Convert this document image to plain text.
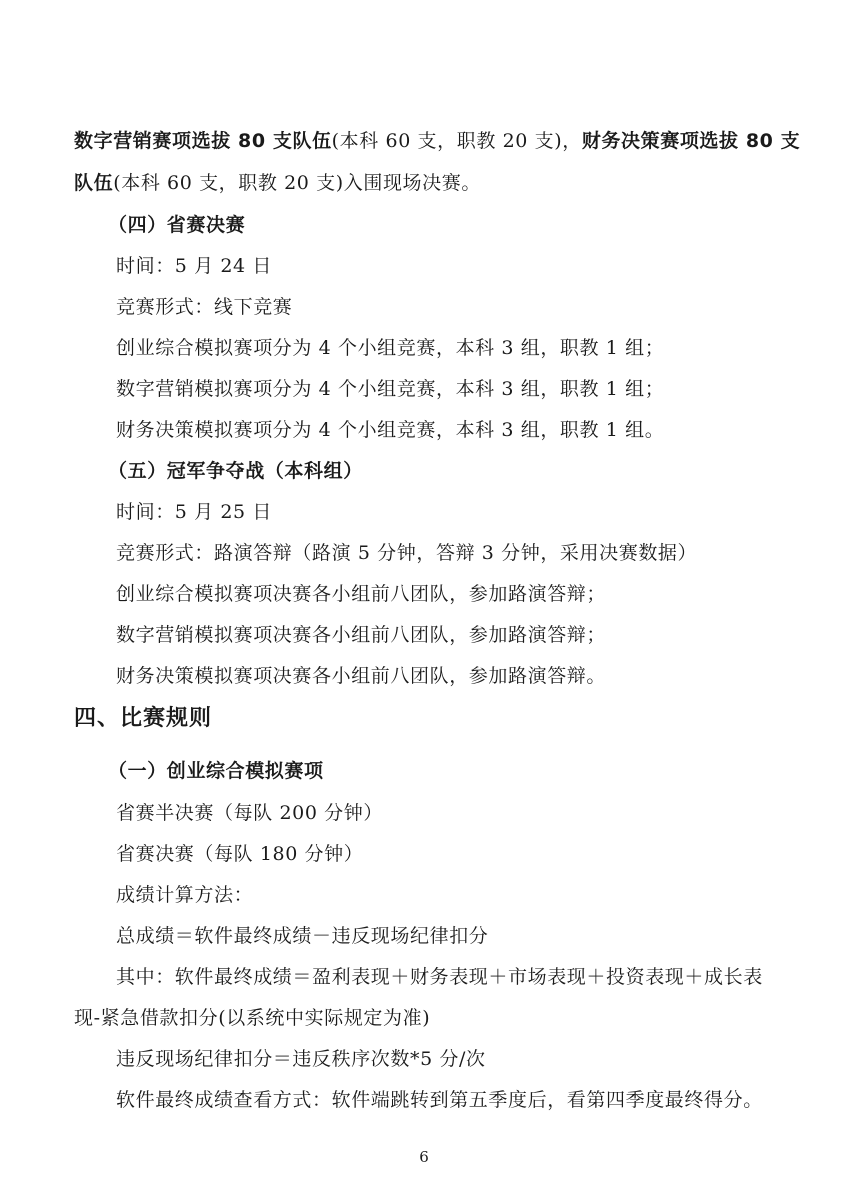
数字营销赛项选拔 80 支队伍(本科 60 支，职教 20 支)，财务决策赛项选拔 80 支
队伍(本科 60 支，职教 20 支)入围现场决赛。
（四）省赛决赛
时间：5 月 24 日
竞赛形式：线下竞赛
创业综合模拟赛项分为 4 个小组竞赛，本科 3 组，职教 1 组；
数字营销模拟赛项分为 4 个小组竞赛，本科 3 组，职教 1 组；
财务决策模拟赛项分为 4 个小组竞赛，本科 3 组，职教 1 组。
（五）冠军争夺战（本科组）
时间：5 月 25 日
竞赛形式：路演答辩（路演 5 分钟，答辩 3 分钟，采用决赛数据）
创业综合模拟赛项决赛各小组前八团队，参加路演答辩；
数字营销模拟赛项决赛各小组前八团队，参加路演答辩；
财务决策模拟赛项决赛各小组前八团队，参加路演答辩。
四、比赛规则
（一）创业综合模拟赛项
省赛半决赛（每队 200 分钟）
省赛决赛（每队 180 分钟）
成绩计算方法：
总成绩＝软件最终成绩－违反现场纪律扣分
其中：软件最终成绩＝盈利表现＋财务表现＋市场表现＋投资表现＋成长表
现-紧急借款扣分(以系统中实际规定为准)
违反现场纪律扣分＝违反秩序次数*5 分/次
软件最终成绩查看方式：软件端跳转到第五季度后，看第四季度最终得分。
6
